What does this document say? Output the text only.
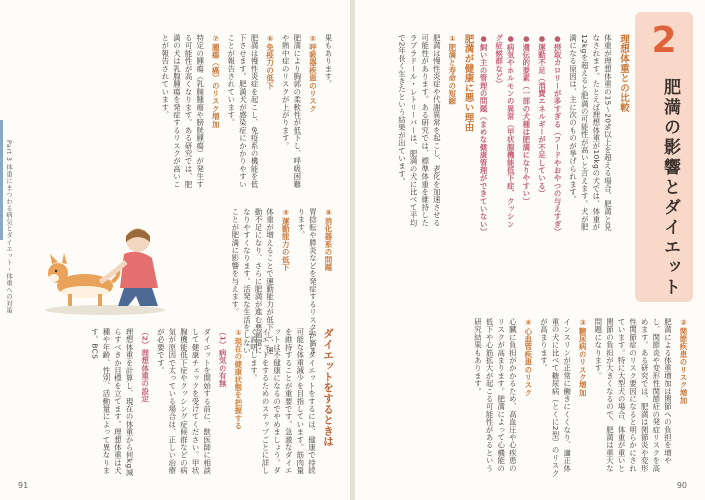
Part 3 体重にまつわる病気とダイエット・体重への対策

果もあります。

⑤呼吸器疾患のリスク

肥満により胸郭の柔軟性が低下し、呼吸困難や熱中症のリスクが上がります。

⑥免疫力の低下

肥満は慢性炎症を起こし、免疫系の機能を低下させます。肥満犬が感染症にかかりやすいことが報告されています。

⑦腫瘍（癌）のリスク増加

特定の腫瘍（乳腺腫瘍や膀胱腫瘍）が発生する可能性が高くなります。ある研究では、肥満の犬は乳腺腫瘍を発症するリスクが高いことが報告されています。

⑧消化器系の問題

胃捻転や膵炎などを発症するリスクが高まります。

⑨運動能力の低下

体重が増えることで運動能力が低下し、運動不足になり、さらに肥満が進む悪循環になりやすくなります。活発な生活をしないことが肥満に影響を与えます。

ダイエットをするときは

正しくダイエットをするには、健康で持続可能な体重減少を目指しています。筋肉量を維持することが重要です。急激なダイエットは不健康になるのでやめましょう。ダイエットをするためのステップごとに詳しく説明します。

①現在の健康状態を把握する

（1）病気の有無

ダイエットを開始する前に、獣医師に相談して健康チェックを受けてください。甲状腺機能低下症やクッシング症候群などの病気が原因で太っている場合は、正しい治療が必要です。

（2）理想体重の設定

理想体重を計算し、現在の体重から何kg減らすべきか目標を立てます。理想体重は犬種や年齢、性別、活動量によって異なります。BCS

91
2
肥満の影響とダイエット

理想体重との比較

体重が理想体重の15～20%以上を超える場合、肥満と見なされます。たとえば理想体重が10kgの犬では、体重が12kgを超えると肥満の可能性が高いと言えます。犬が肥満になる原因は、主に次のものが挙げられます。

●摂取カロリーが多すぎる（フードやおやつの与えすぎ）

●運動不足（消費エネルギーが不足している）

●遺伝的要素（一部の犬種は肥満になりやすい）

●病気やホルモンの異常（甲状腺機能低下症、クッシング症候群など）

●飼い主の管理の問題（まめな健康管理ができていない）

肥満が健康に悪い理由

①肥満と寿命の短縮

肥満は慢性炎症や代謝異常を起こし、老化を加速させる可能性があります。ある研究では、標準体重を維持したラブラドール・レトリーバーは、肥満の犬に比べて平均で2年長く生きたという結果が出ています。

②関節疾患のリスク増加

肥満による体重増加は関節への負担を増やし、関節炎や変形性関節症の発症リスクを高めます。ある研究では、肥満は関節炎や変形性関節症のリスク要因になると明らかにされています。特に大型犬の場合、体重が重いと関節の負担が大きくなるので、肥満は重大な問題になります。

③糖尿病のリスク増加

インスリンが正常に働きにくくなり、適正体重の犬に比べて糖尿病（とくに2型）のリスクが高まります。

④心血管疾患のリスク

心臓に負担がかかるため、高血圧や心疾患のリスクが高まります。肥満によって心機能の低下や心筋拡大が起こる可能性があるという研究結果もあります。

90
